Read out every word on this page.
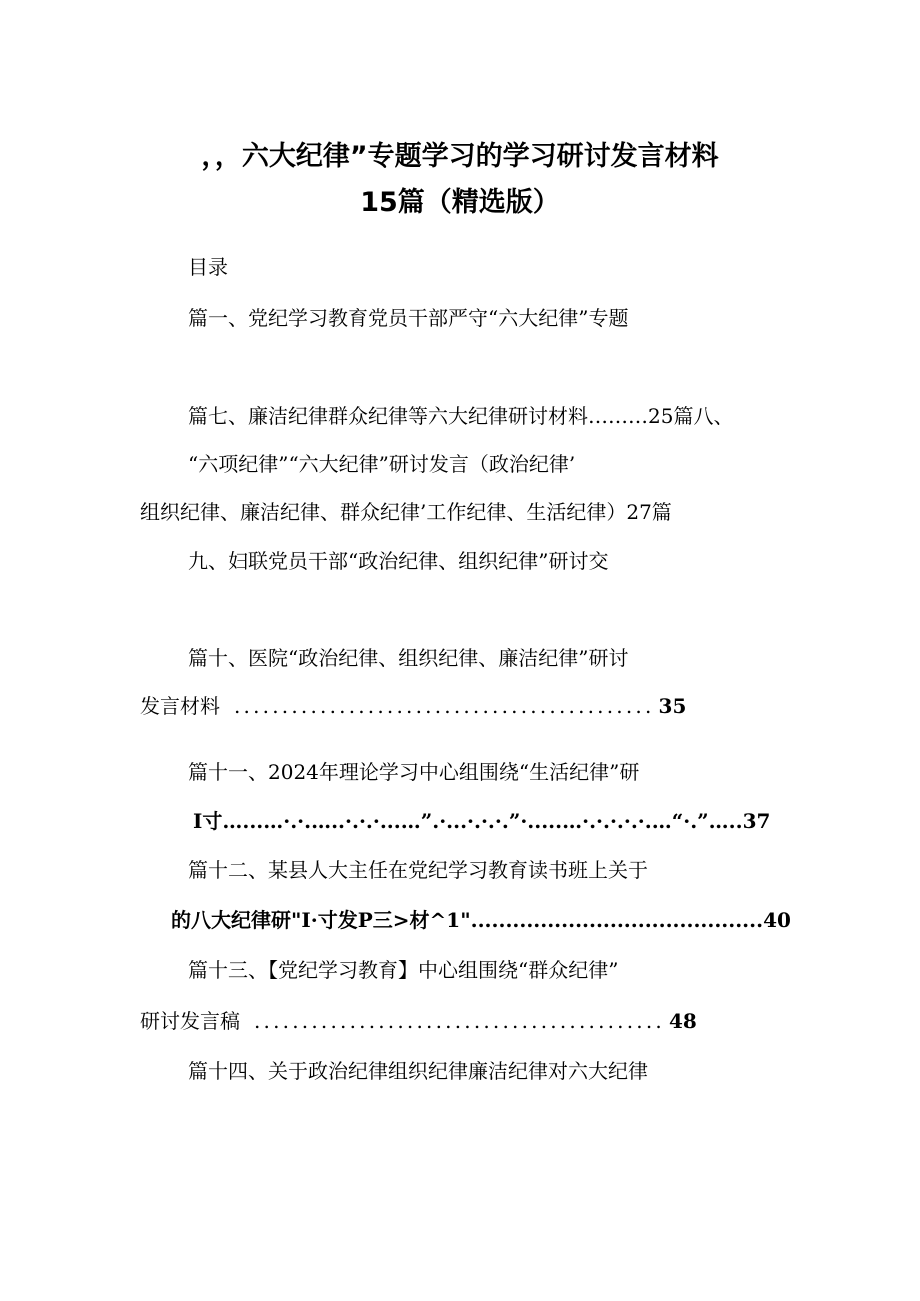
，，六大纪律”专题学习的学习研讨发言材料
15篇（精选版）
目录
篇一、党纪学习教育党员干部严守“六大纪律”专题
篇七、廉洁纪律群众纪律等六大纪律研讨材料………25篇八、
“六项纪律”“六大纪律”研讨发言（政治纪律’
组织纪律、廉洁纪律、群众纪律’工作纪律、生活纪律）27篇
九、妇联党员干部“政治纪律、组织纪律”研讨交
篇十、医院“政治纪律、组织纪律、廉洁纪律”研讨
发言材料 ............................................ 35
篇十一、2024年理论学习中心组围绕“生活纪律”研
I寸…...…·.·.…..·.·.·...…”.·...·.·.·.”·.....…·.·.·.·.·.…“·.”…..37
篇十二、某县人大主任在党纪学习教育读书班上关于
的八大纪律研"I·寸发P三>材^1"..........................................40
篇十三、【党纪学习教育】中心组围绕“群众纪律”
研讨发言稿 ........................................... 48
篇十四、关于政治纪律组织纪律廉洁纪律对六大纪律
